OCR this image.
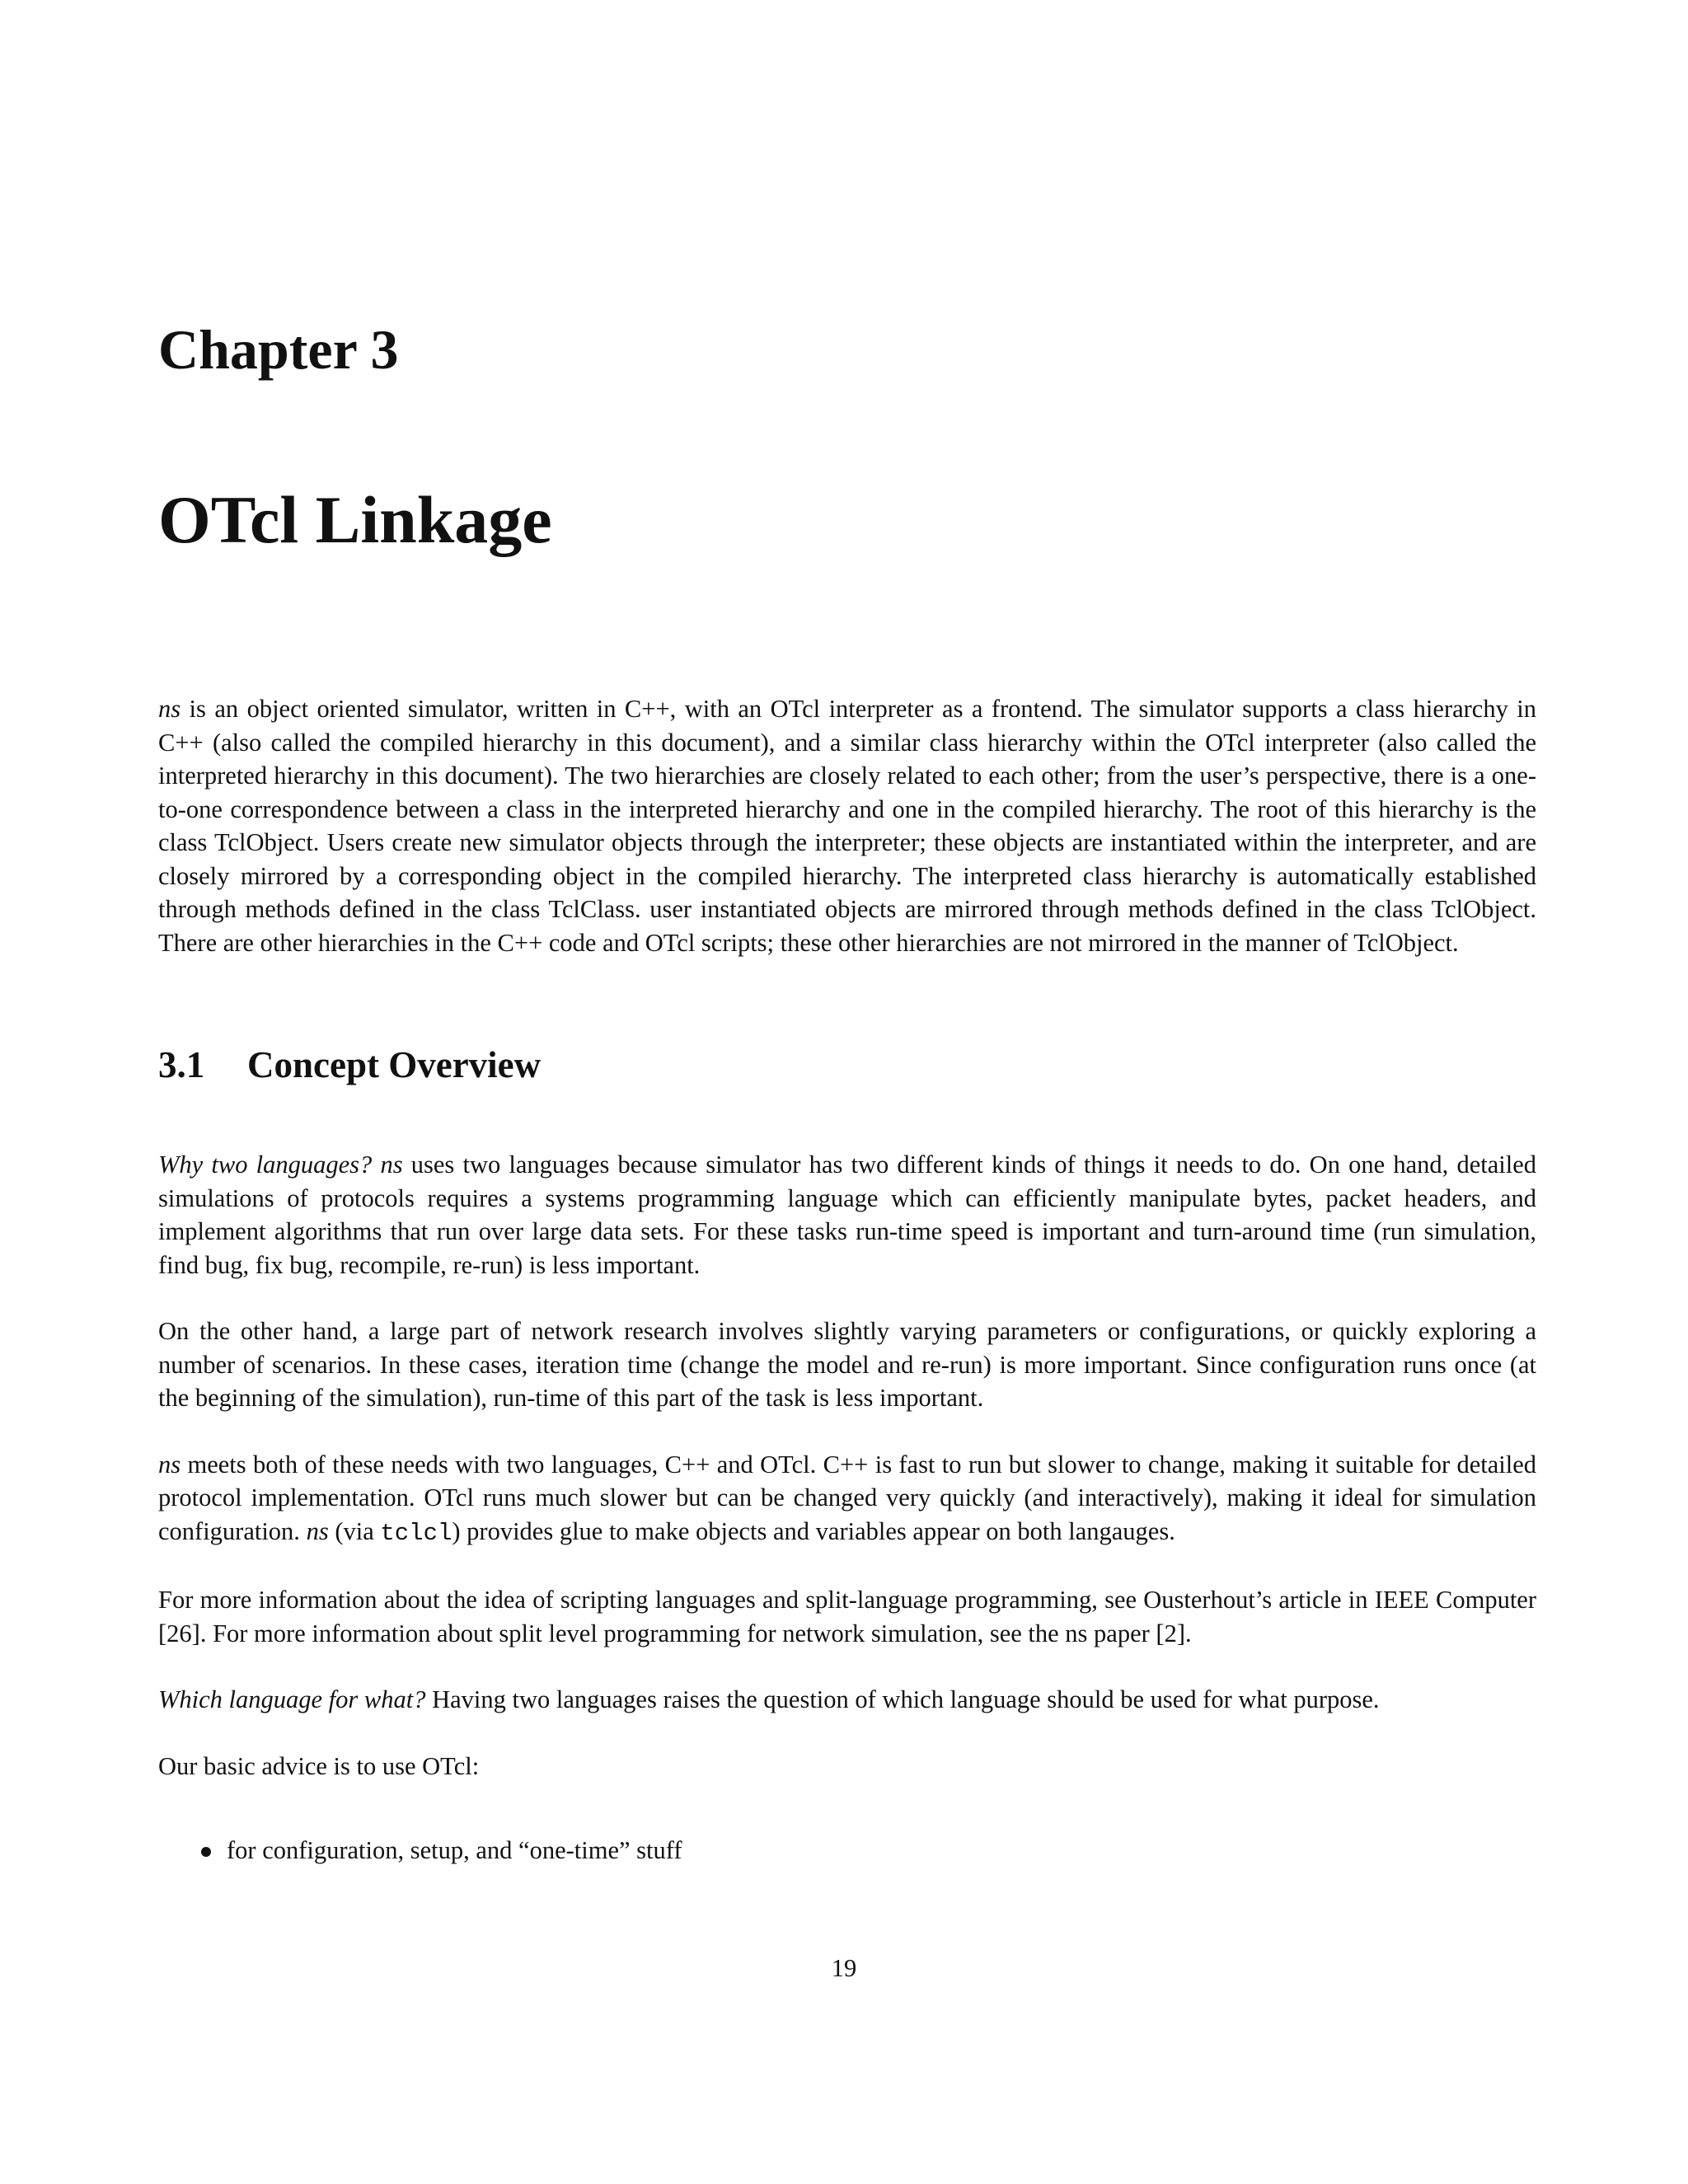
Chapter 3
OTcl Linkage

ns is an object oriented simulator, written in C++, with an OTcl interpreter as a frontend. The simulator supports a class hierarchy in C++ (also called the compiled hierarchy in this document), and a similar class hierarchy within the OTcl interpreter (also called the interpreted hierarchy in this document). The two hierarchies are closely related to each other; from the user’s perspective, there is a one-to-one correspondence between a class in the interpreted hierarchy and one in the compiled hierarchy. The root of this hierarchy is the class TclObject. Users create new simulator objects through the interpreter; these objects are instantiated within the interpreter, and are closely mirrored by a corresponding object in the compiled hierarchy. The interpreted class hierarchy is automatically established through methods defined in the class TclClass. user instantiated objects are mirrored through methods defined in the class TclObject. There are other hierarchies in the C++ code and OTcl scripts; these other hierarchies are not mirrored in the manner of TclObject.

3.1	Concept Overview

Why two languages? ns uses two languages because simulator has two different kinds of things it needs to do. On one hand, detailed simulations of protocols requires a systems programming language which can efficiently manipulate bytes, packet headers, and implement algorithms that run over large data sets. For these tasks run-time speed is important and turn-around time (run simulation, find bug, fix bug, recompile, re-run) is less important.

On the other hand, a large part of network research involves slightly varying parameters or configurations, or quickly exploring a number of scenarios. In these cases, iteration time (change the model and re-run) is more important. Since configuration runs once (at the beginning of the simulation), run-time of this part of the task is less important.

ns meets both of these needs with two languages, C++ and OTcl. C++ is fast to run but slower to change, making it suitable for detailed protocol implementation. OTcl runs much slower but can be changed very quickly (and interactively), making it ideal for simulation configuration. ns (via tclcl) provides glue to make objects and variables appear on both langauges.

For more information about the idea of scripting languages and split-language programming, see Ousterhout’s article in IEEE Computer [26]. For more information about split level programming for network simulation, see the ns paper [2].

Which language for what? Having two languages raises the question of which language should be used for what purpose.

Our basic advice is to use OTcl:

for configuration, setup, and “one-time” stuff
19
